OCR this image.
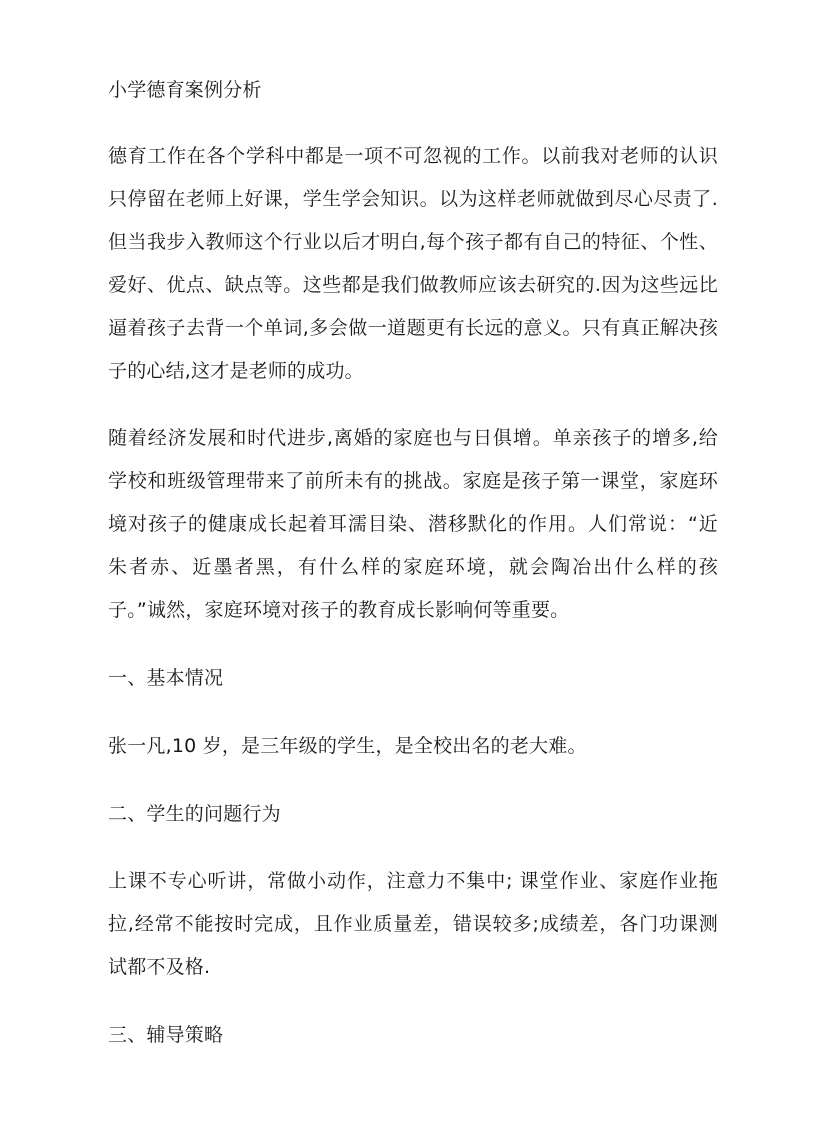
小学德育案例分析
德育工作在各个学科中都是一项不可忽视的工作。以前我对老师的认识
只停留在老师上好课，学生学会知识。以为这样老师就做到尽心尽责了.
但当我步入教师这个行业以后才明白,每个孩子都有自己的特征、个性、
爱好、优点、缺点等。这些都是我们做教师应该去研究的.因为这些远比
逼着孩子去背一个单词,多会做一道题更有长远的意义。只有真正解决孩
子的心结,这才是老师的成功。
随着经济发展和时代进步,离婚的家庭也与日俱增。单亲孩子的增多,给
学校和班级管理带来了前所未有的挑战。家庭是孩子第一课堂，家庭环
境对孩子的健康成长起着耳濡目染、潜移默化的作用。人们常说：“近
朱者赤、近墨者黑，有什么样的家庭环境，就会陶冶出什么样的孩
子。”诚然，家庭环境对孩子的教育成长影响何等重要。
一、基本情况
张一凡,10 岁，是三年级的学生，是全校出名的老大难。
二、学生的问题行为
上课不专心听讲，常做小动作，注意力不集中; 课堂作业、家庭作业拖
拉,经常不能按时完成，且作业质量差，错误较多;成绩差，各门功课测
试都不及格.
三、辅导策略
